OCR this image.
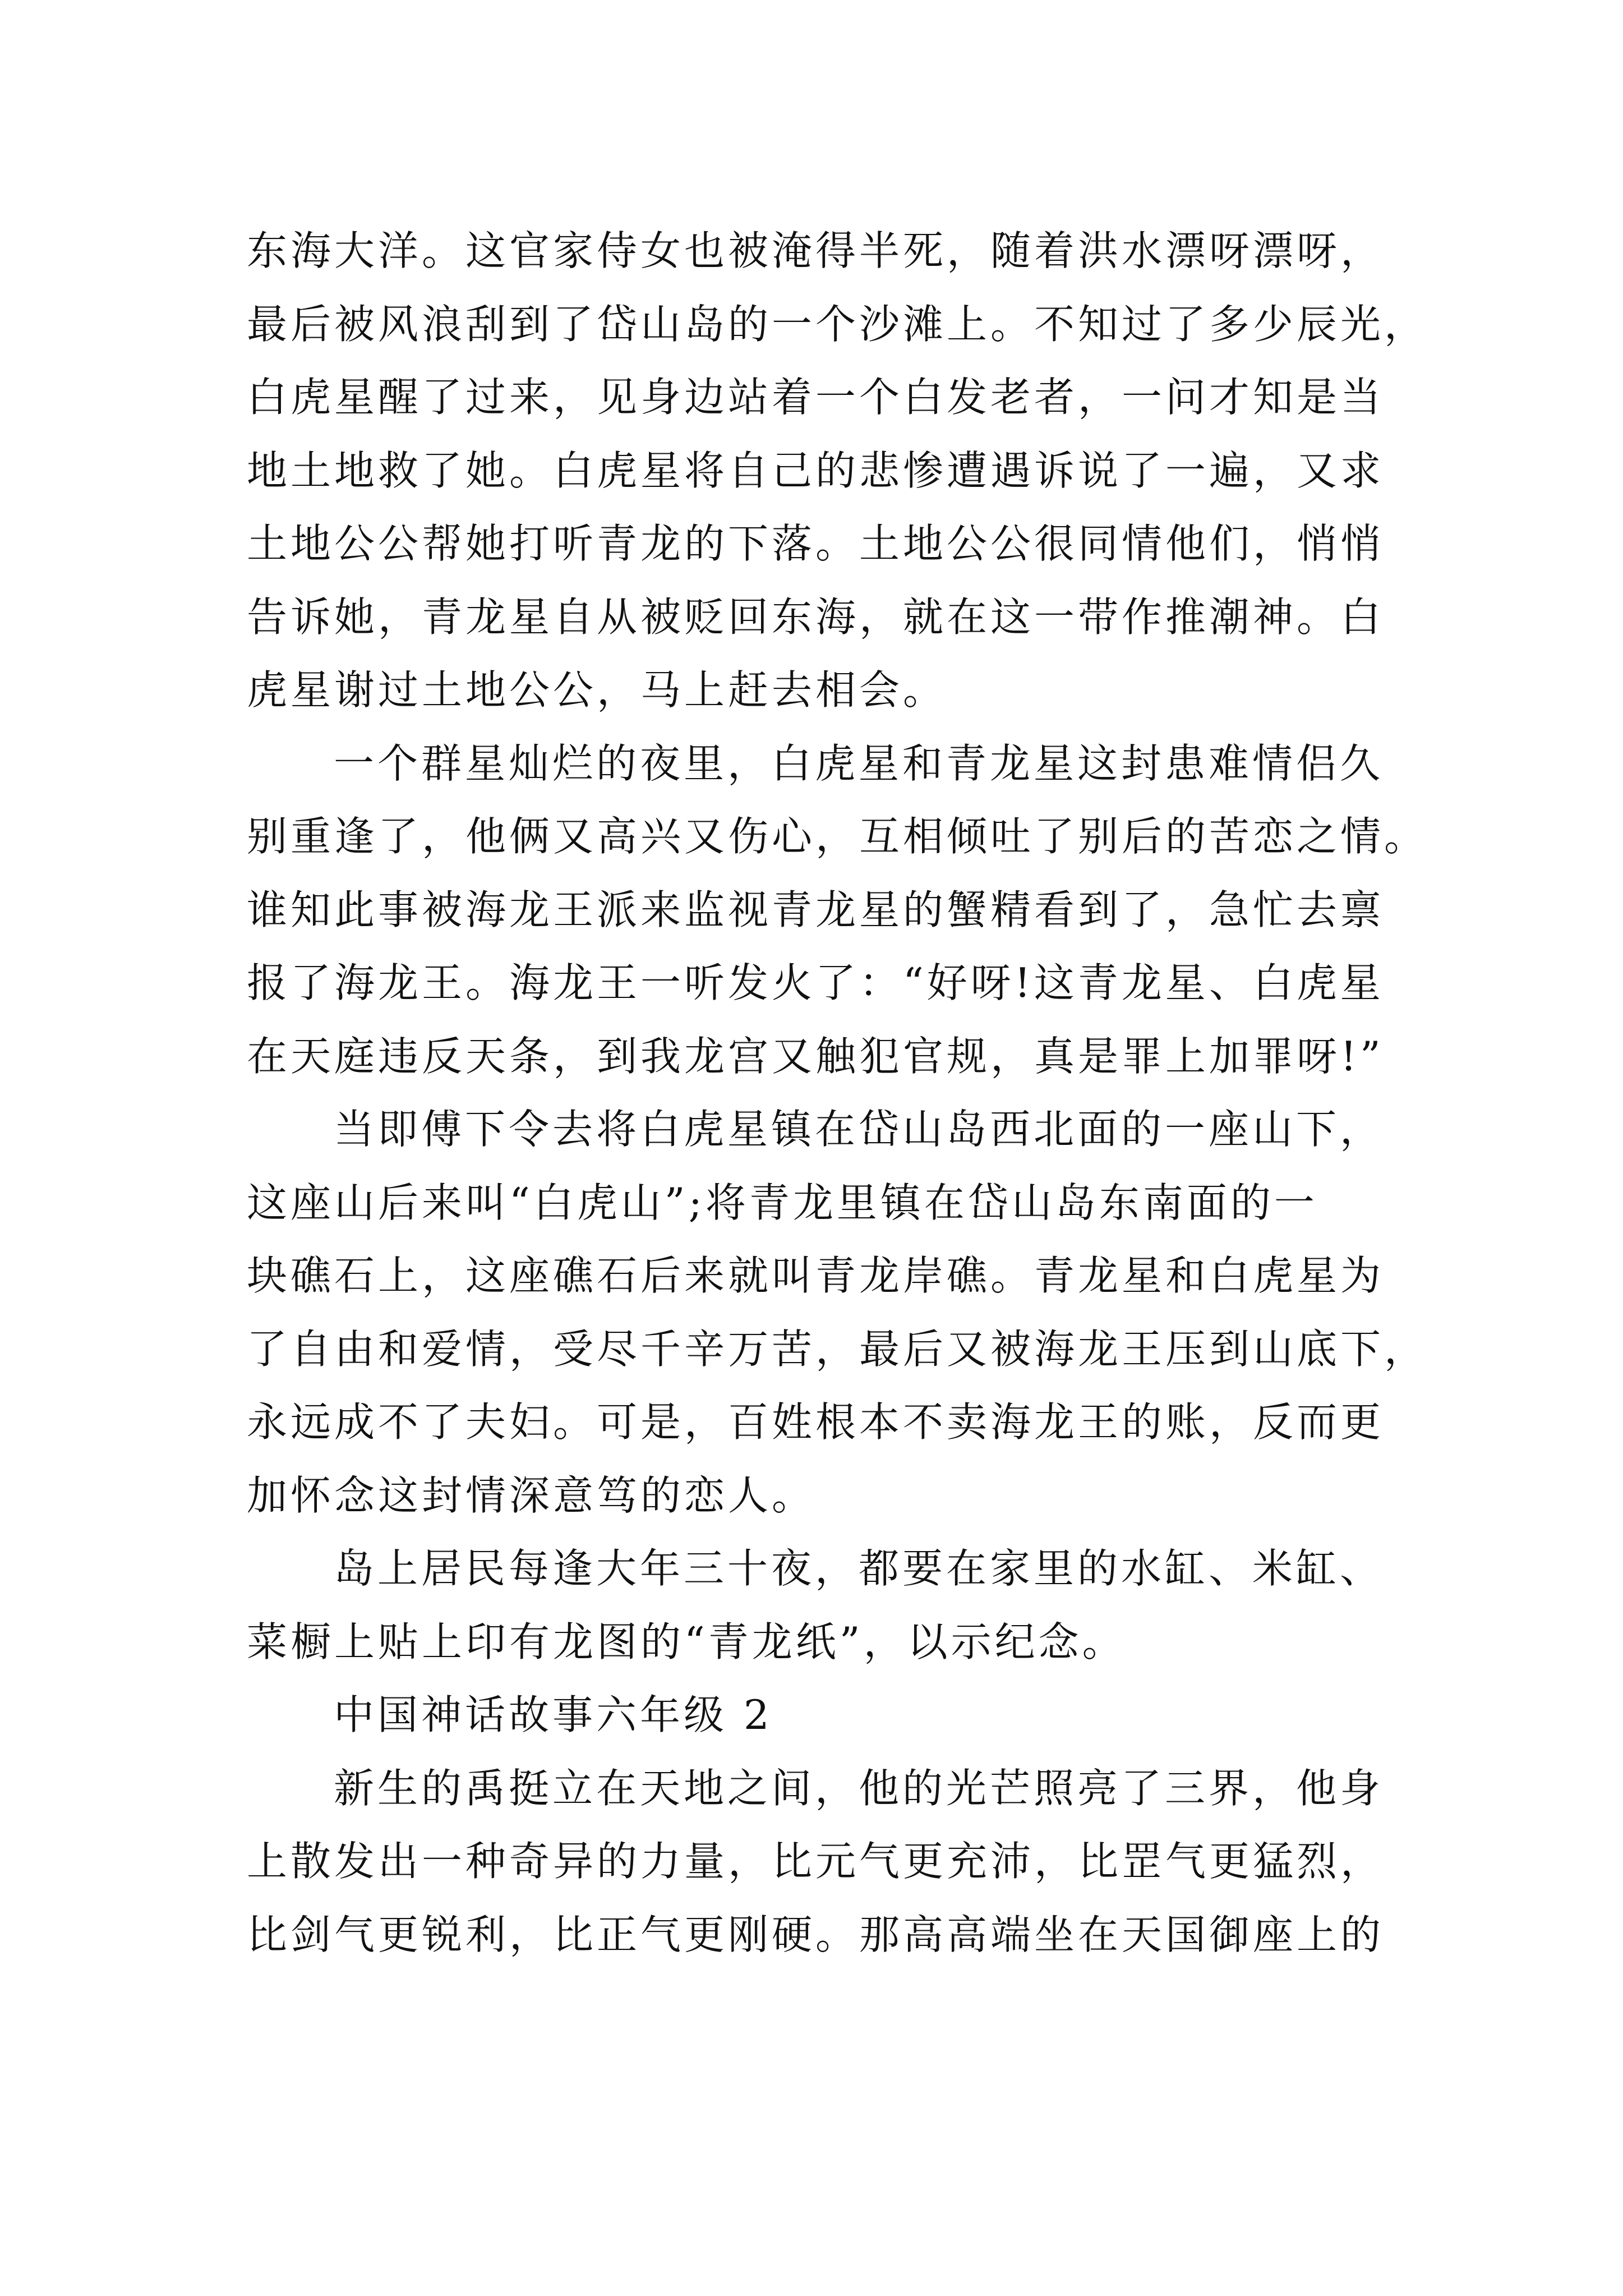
东海大洋。这官家侍女也被淹得半死，随着洪水漂呀漂呀，
最后被风浪刮到了岱山岛的一个沙滩上。不知过了多少辰光，
白虎星醒了过来，见身边站着一个白发老者，一问才知是当
地土地救了她。白虎星将自己的悲惨遭遇诉说了一遍，又求
土地公公帮她打听青龙的下落。土地公公很同情他们，悄悄
告诉她，青龙星自从被贬回东海，就在这一带作推潮神。白
虎星谢过土地公公，马上赶去相会。
一个群星灿烂的夜里，白虎星和青龙星这封患难情侣久
别重逢了，他俩又高兴又伤心，互相倾吐了别后的苦恋之情。
谁知此事被海龙王派来监视青龙星的蟹精看到了，急忙去禀
报了海龙王。海龙王一听发火了：“好呀!这青龙星、白虎星
在天庭违反天条，到我龙宫又触犯官规，真是罪上加罪呀!”
当即傅下令去将白虎星镇在岱山岛西北面的一座山下，
这座山后来叫“白虎山”;将青龙里镇在岱山岛东南面的一
块礁石上，这座礁石后来就叫青龙岸礁。青龙星和白虎星为
了自由和爱情，受尽千辛万苦，最后又被海龙王压到山底下，
永远成不了夫妇。可是，百姓根本不卖海龙王的账，反而更
加怀念这封情深意笃的恋人。
岛上居民每逢大年三十夜，都要在家里的水缸、米缸、
菜橱上贴上印有龙图的“青龙纸”，以示纪念。
中国神话故事六年级 2
新生的禹挺立在天地之间，他的光芒照亮了三界，他身
上散发出一种奇异的力量，比元气更充沛，比罡气更猛烈，
比剑气更锐利，比正气更刚硬。那高高端坐在天国御座上的
